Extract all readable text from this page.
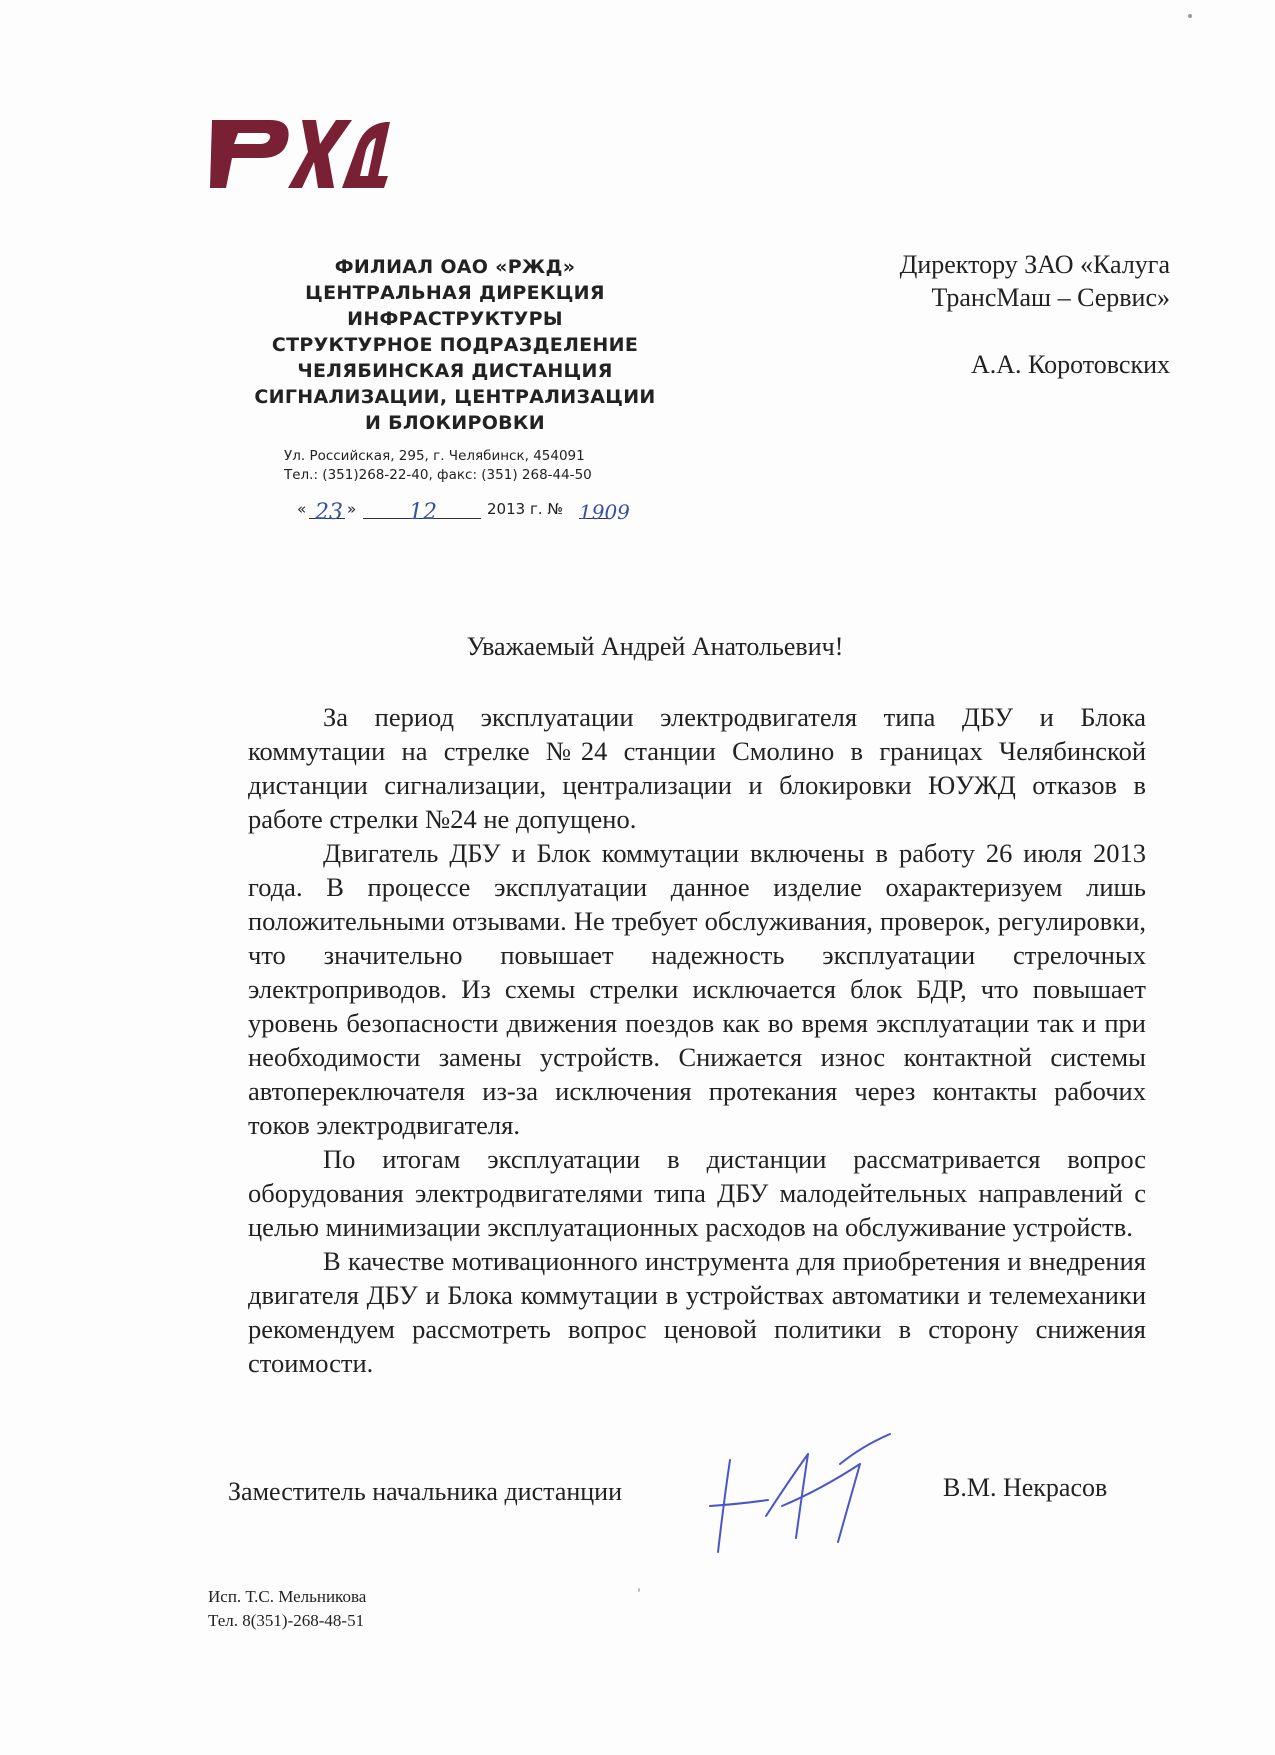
ФИЛИАЛ ОАО «РЖД»
ЦЕНТРАЛЬНАЯ ДИРЕКЦИЯ
ИНФРАСТРУКТУРЫ
СТРУКТУРНОЕ ПОДРАЗДЕЛЕНИЕ
ЧЕЛЯБИНСКАЯ ДИСТАНЦИЯ
СИГНАЛИЗАЦИИ, ЦЕНТРАЛИЗАЦИИ
И БЛОКИРОВКИ
Ул. Российская, 295, г. Челябинск, 454091
Тел.: (351)268-22-40, факс: (351) 268-44-50
« 23 » 12	2013 г. № 1909
Директору ЗАО «Калуга
ТрансМаш – Сервис»
А.А. Коротовских
Уважаемый Андрей Анатольевич!

За период эксплуатации электродвигателя типа ДБУ и Блока коммутации на стрелке №24 станции Смолино в границах Челябинской дистанции сигнализации, централизации и блокировки ЮУЖД отказов в работе стрелки №24 не допущено.

Двигатель ДБУ и Блок коммутации включены в работу 26 июля 2013 года. В процессе эксплуатации данное изделие охарактеризуем лишь положительными отзывами. Не требует обслуживания, проверок, регулировки, что значительно повышает надежность эксплуатации стрелочных электроприводов. Из схемы стрелки исключается блок БДР, что повышает уровень безопасности движения поездов как во время эксплуатации так и при необходимости замены устройств. Снижается износ контактной системы автопереключателя из-за исключения протекания через контакты рабочих токов электродвигателя.

По итогам эксплуатации в дистанции рассматривается вопрос оборудования электродвигателями типа ДБУ малодейтельных направлений с целью минимизации эксплуатационных расходов на обслуживание устройств.

В качестве мотивационного инструмента для приобретения и внедрения двигателя ДБУ и Блока коммутации в устройствах автоматики и телемеханики рекомендуем рассмотреть вопрос ценовой политики в сторону снижения стоимости.

Заместитель начальника дистанции	В.М. Некрасов
Исп. Т.С. Мельникова
Тел. 8(351)-268-48-51
